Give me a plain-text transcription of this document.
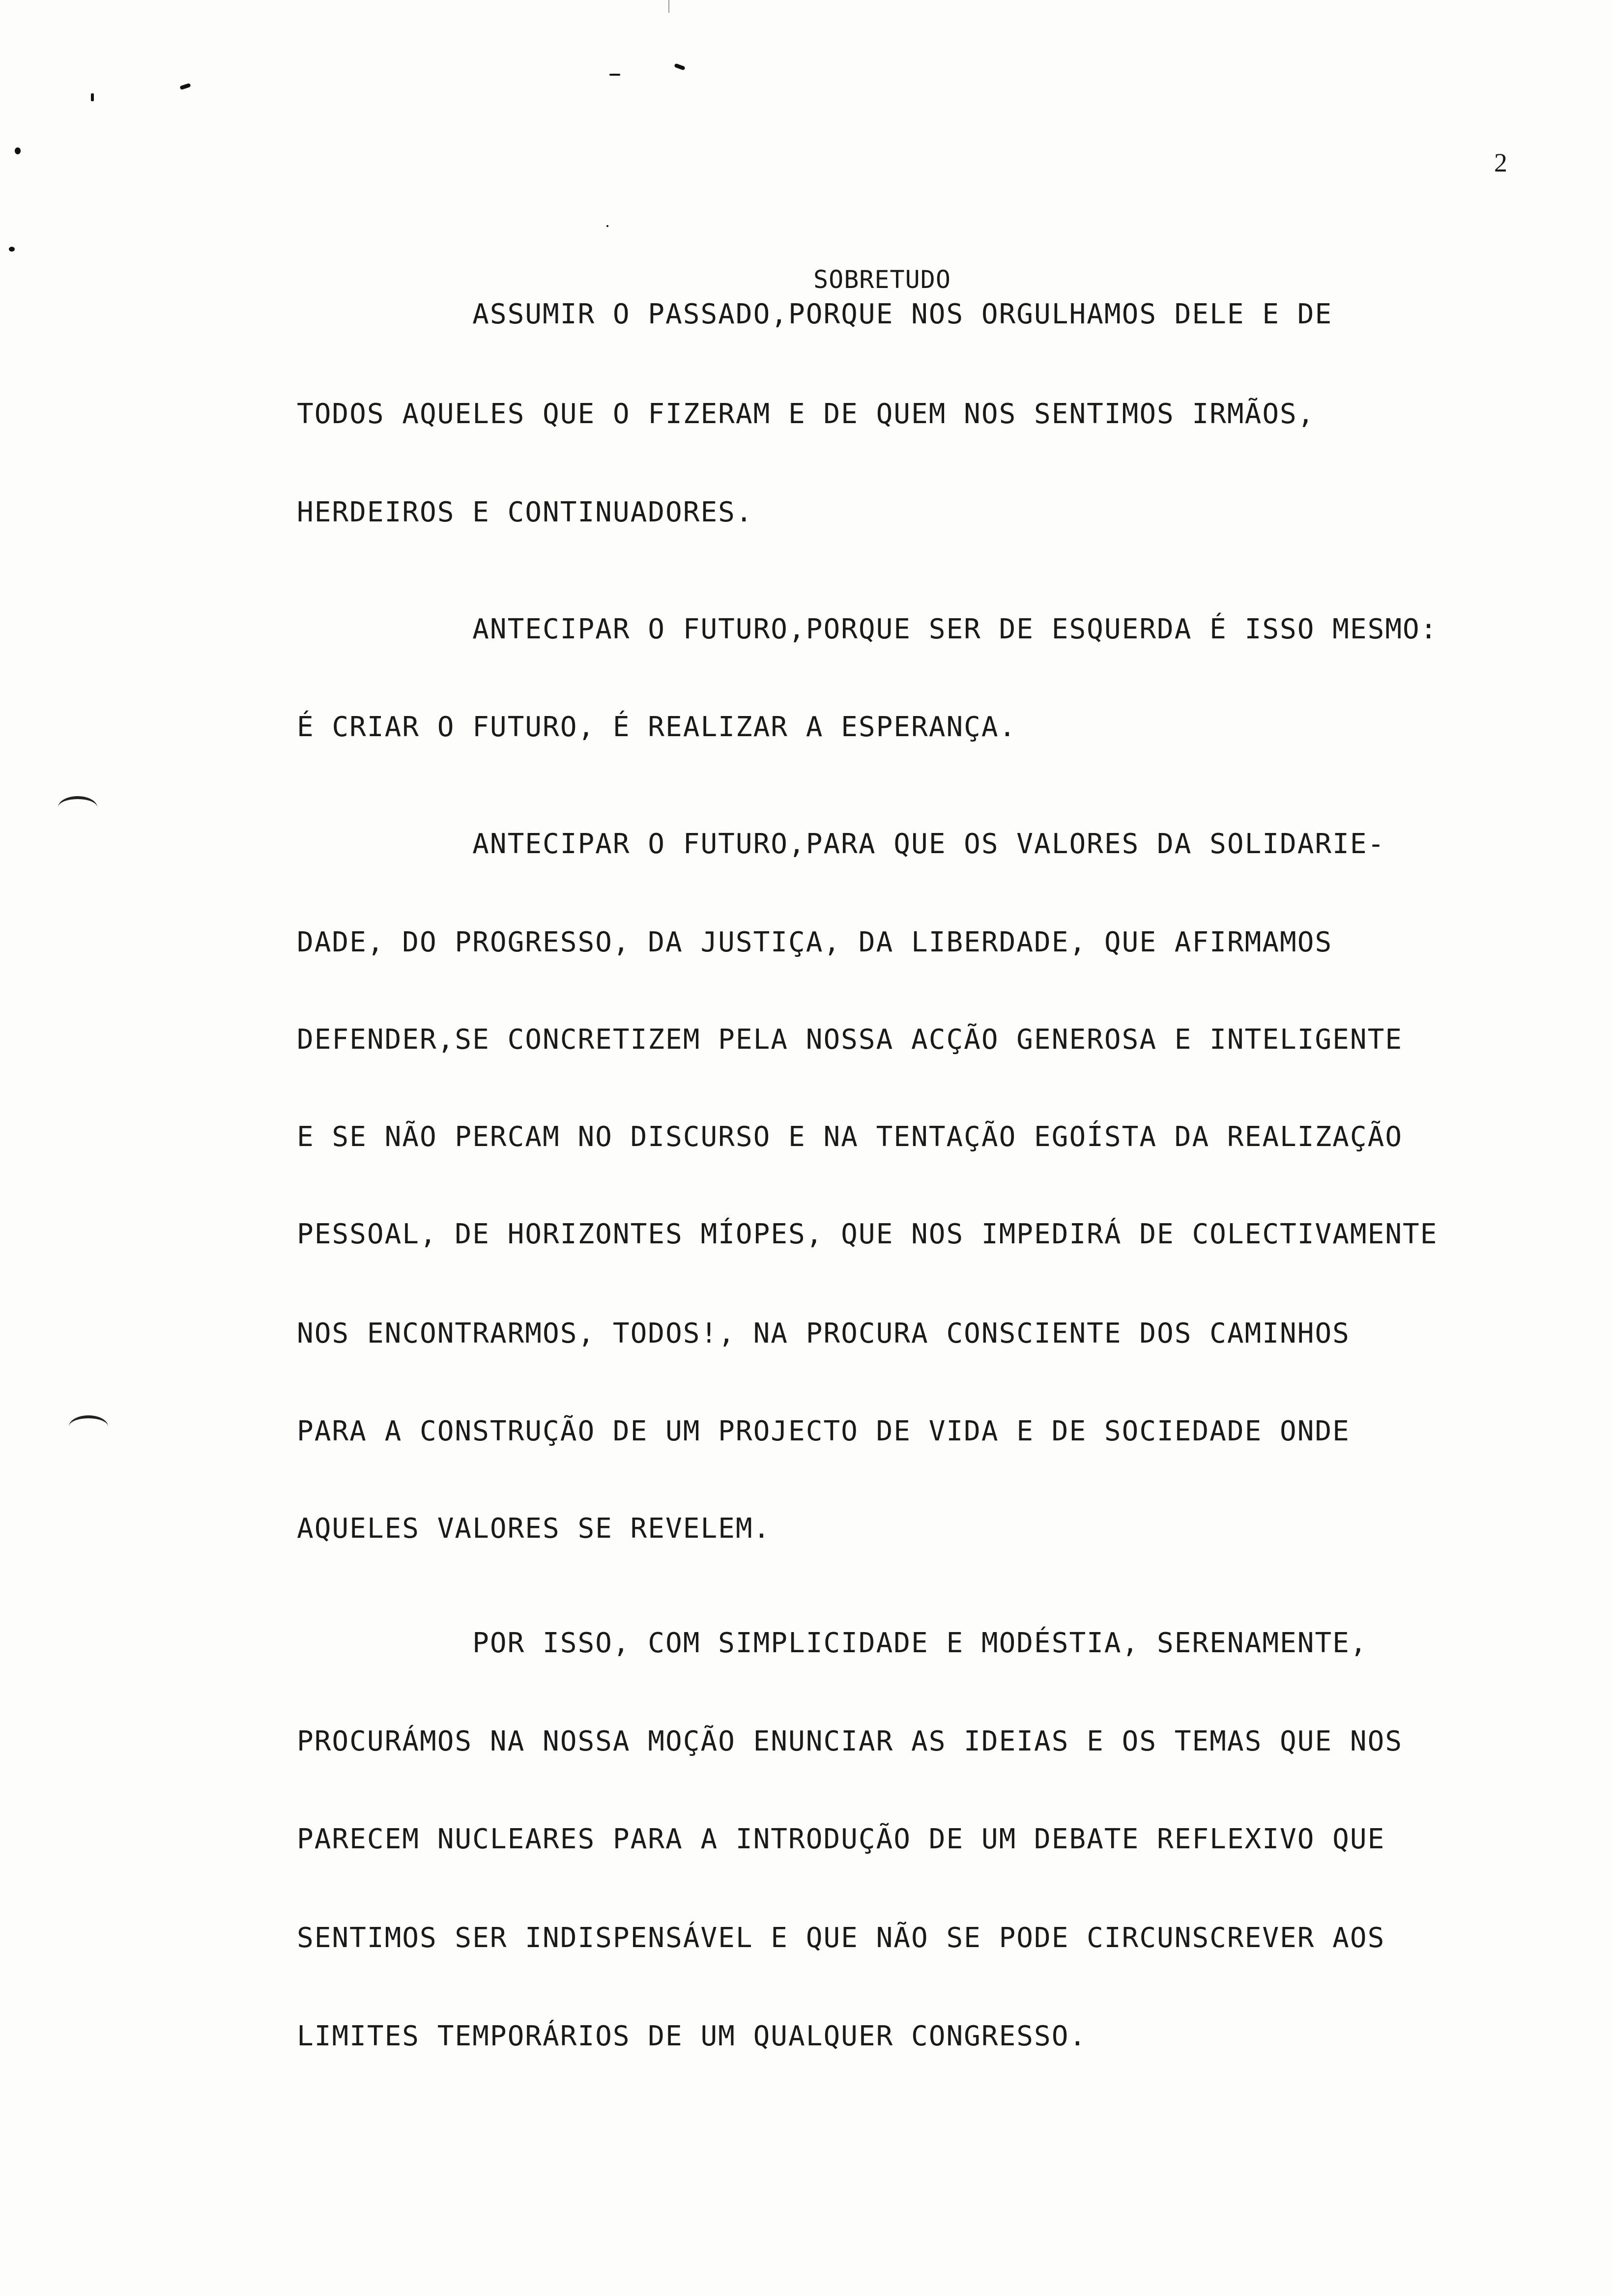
2
SOBRETUDO
ASSUMIR O PASSADO,PORQUE NOS ORGULHAMOS DELE E DE
TODOS AQUELES QUE O FIZERAM E DE QUEM NOS SENTIMOS IRMÃOS,
HERDEIROS E CONTINUADORES.
ANTECIPAR O FUTURO,PORQUE SER DE ESQUERDA É ISSO MESMO:
É CRIAR O FUTURO, É REALIZAR A ESPERANÇA.
ANTECIPAR O FUTURO,PARA QUE OS VALORES DA SOLIDARIE-
DADE, DO PROGRESSO, DA JUSTIÇA, DA LIBERDADE, QUE AFIRMAMOS
DEFENDER,SE CONCRETIZEM PELA NOSSA ACÇÃO GENEROSA E INTELIGENTE
E SE NÃO PERCAM NO DISCURSO E NA TENTAÇÃO EGOÍSTA DA REALIZAÇÃO
PESSOAL, DE HORIZONTES MÍOPES, QUE NOS IMPEDIRÁ DE COLECTIVAMENTE
NOS ENCONTRARMOS, TODOS!, NA PROCURA CONSCIENTE DOS CAMINHOS
PARA A CONSTRUÇÃO DE UM PROJECTO DE VIDA E DE SOCIEDADE ONDE
AQUELES VALORES SE REVELEM.
POR ISSO, COM SIMPLICIDADE E MODÉSTIA, SERENAMENTE,
PROCURÁMOS NA NOSSA MOÇÃO ENUNCIAR AS IDEIAS E OS TEMAS QUE NOS
PARECEM NUCLEARES PARA A INTRODUÇÃO DE UM DEBATE REFLEXIVO QUE
SENTIMOS SER INDISPENSÁVEL E QUE NÃO SE PODE CIRCUNSCREVER AOS
LIMITES TEMPORÁRIOS DE UM QUALQUER CONGRESSO.
